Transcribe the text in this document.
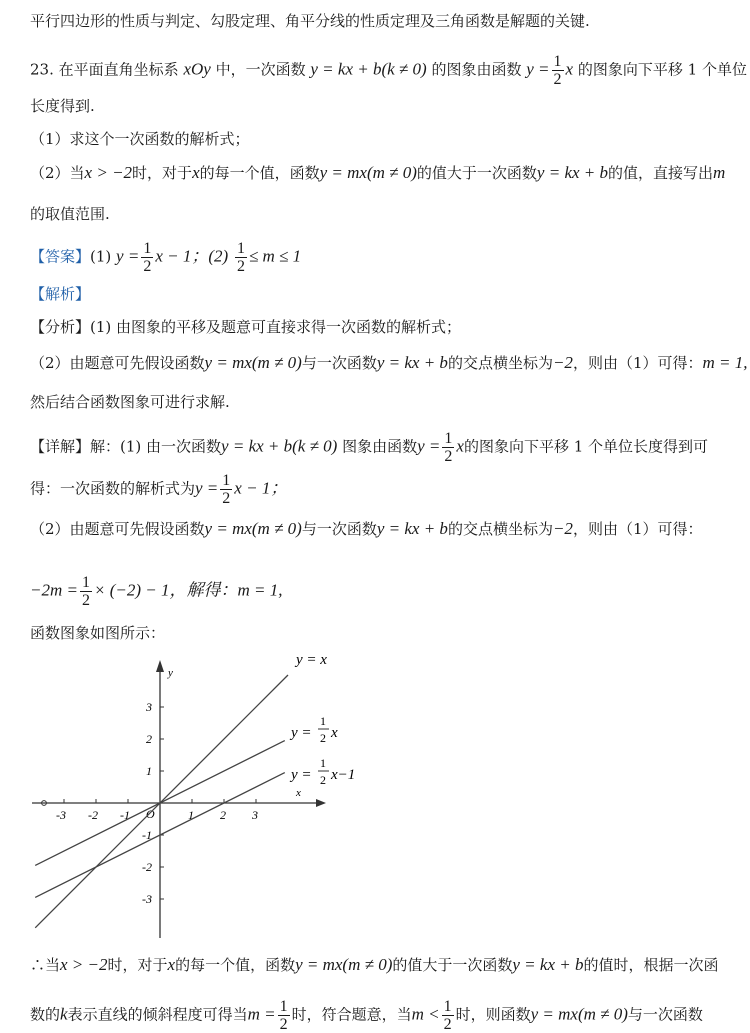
平行四边形的性质与判定、勾股定理、角平分线的性质定理及三角函数是解题的关键.
23. 在平面直角坐标系 xOy 中，一次函数 y = kx + b(k ≠ 0) 的图象由函数 $y = \frac{1}{2}$ x 的图象向下平移 1 个单位
长度得到.
（1）求这个一次函数的解析式；
（2）当x > −2时，对于x的每一个值，函数y = mx(m ≠ 0)的值大于一次函数y = kx + b的值，直接写出m
的取值范围.
【答案】(1) $y = \frac{1}{2}$ x − 1；$(2) \frac{1}{2} \le m \le 1$
【解析】
【分析】(1) 由图象的平移及题意可直接求得一次函数的解析式；
（2）由题意可先假设函数y = mx(m ≠ 0)与一次函数y = kx + b的交点横坐标为−2，则由（1）可得：m = 1,
然后结合函数图象可进行求解.
【详解】解：(1) 由一次函数y = kx + b(k ≠ 0) 图象由函数$y = \frac{1}{2}$ x的图象向下平移 1 个单位长度得到可
得：一次函数的解析式为$y = \frac{1}{2}$ x − 1；
（2）由题意可先假设函数y = mx(m ≠ 0)与一次函数y = kx + b的交点横坐标为−2，则由（1）可得：
$-2m = \frac{1}{2} \times (-2) - 1$，解得：m = 1,
函数图象如图所示：
-3 -2 -1	1 2 3
3
2
1
-1
-2
-3
y
x
O
y = x
y =
1
2 x
y =
1
2 x−1
∴当x > −2时，对于x的每一个值，函数y = mx(m ≠ 0)的值大于一次函数y = kx + b的值时，根据一次函
数的k表示直线的倾斜程度可得当$m = \frac{1}{2}$ 时，符合题意，当$m < \frac{1}{2}$ 时，则函数y = mx(m ≠ 0)与一次函数
